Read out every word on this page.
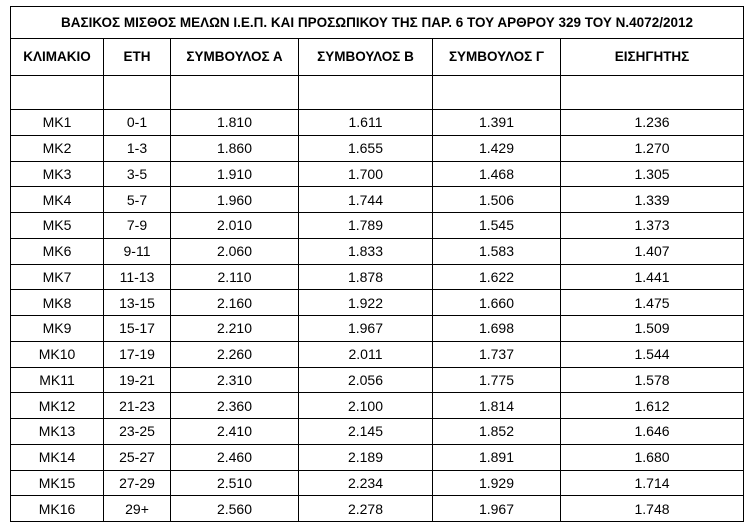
ΒΑΣΙΚΟΣ ΜΙΣΘΟΣ ΜΕΛΩΝ Ι.Ε.Π. ΚΑΙ ΠΡΟΣΩΠΙΚΟΥ ΤΗΣ ΠΑΡ. 6 ΤΟΥ ΑΡΘΡΟΥ 329 ΤΟΥ Ν.4072/2012					
ΚΛΙΜΑΚΙΟ	ΕΤΗ	ΣΥΜΒΟΥΛΟΣ Α	ΣΥΜΒΟΥΛΟΣ Β	ΣΥΜΒΟΥΛΟΣ Γ	ΕΙΣΗΓΗΤΗΣ

ΜΚ1	0-1	1.810	1.611	1.391	1.236
ΜΚ2	1-3	1.860	1.655	1.429	1.270
ΜΚ3	3-5	1.910	1.700	1.468	1.305
ΜΚ4	5-7	1.960	1.744	1.506	1.339
ΜΚ5	7-9	2.010	1.789	1.545	1.373
ΜΚ6	9-11	2.060	1.833	1.583	1.407
ΜΚ7	11-13	2.110	1.878	1.622	1.441
ΜΚ8	13-15	2.160	1.922	1.660	1.475
ΜΚ9	15-17	2.210	1.967	1.698	1.509
ΜΚ10	17-19	2.260	2.011	1.737	1.544
ΜΚ11	19-21	2.310	2.056	1.775	1.578
ΜΚ12	21-23	2.360	2.100	1.814	1.612
ΜΚ13	23-25	2.410	2.145	1.852	1.646
ΜΚ14	25-27	2.460	2.189	1.891	1.680
ΜΚ15	27-29	2.510	2.234	1.929	1.714
ΜΚ16	29+	2.560	2.278	1.967	1.748
